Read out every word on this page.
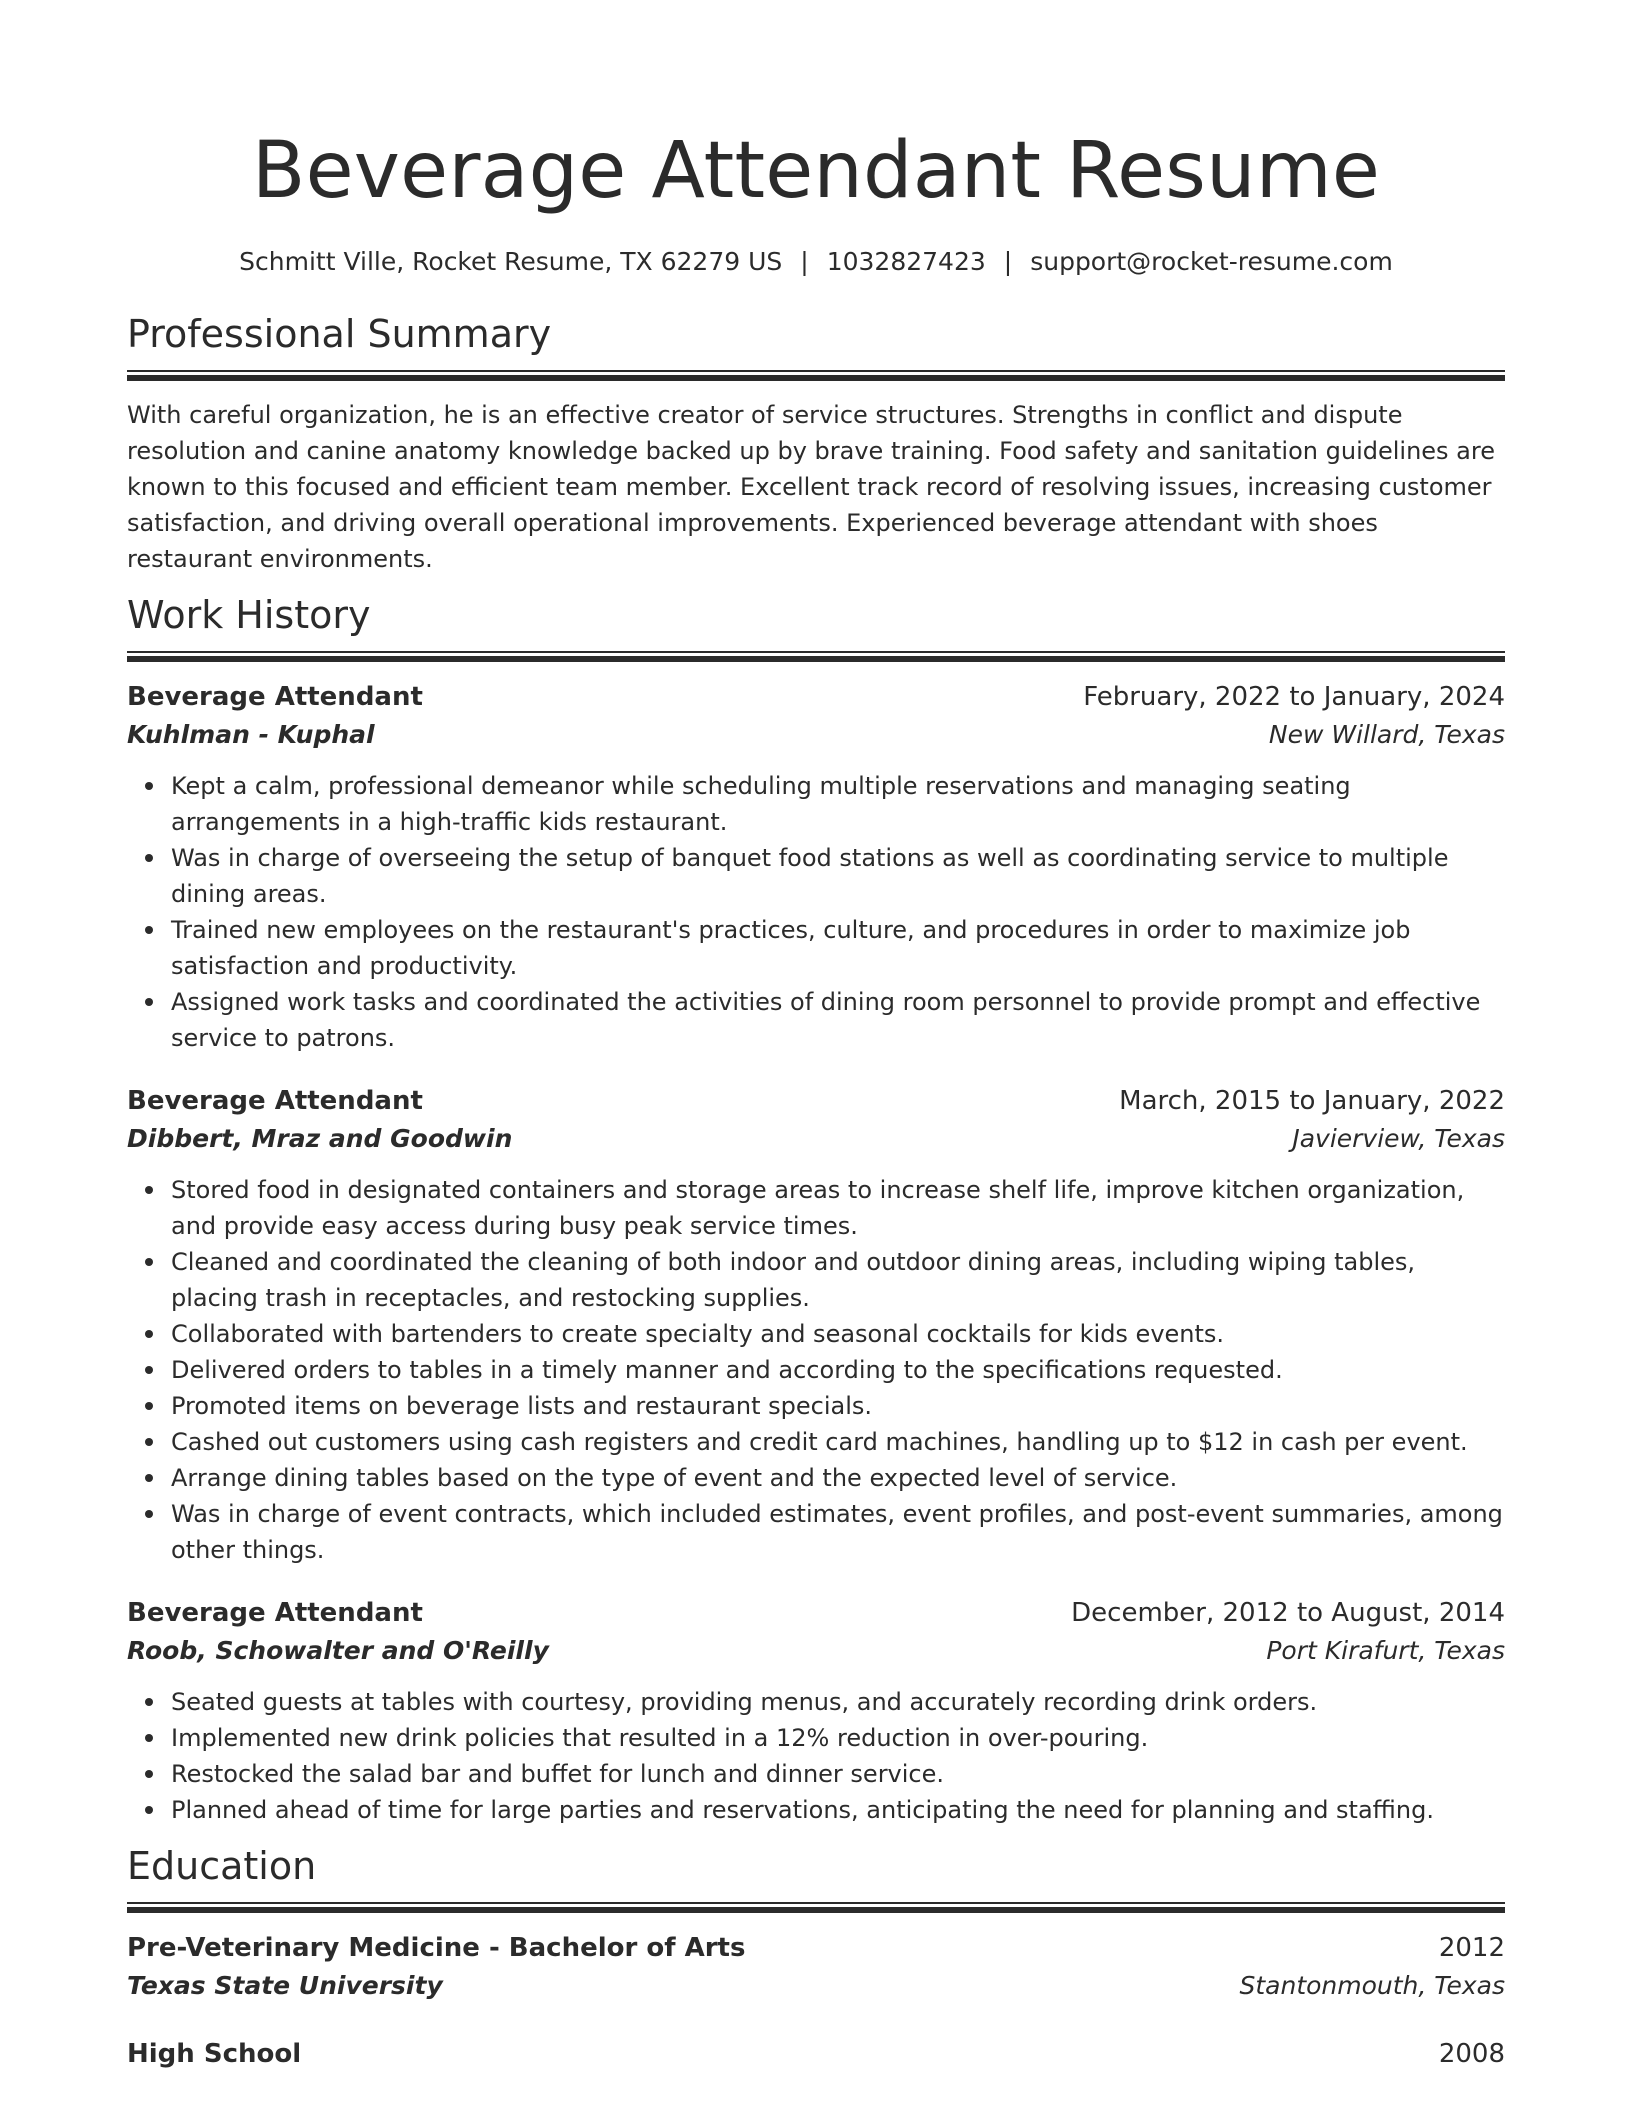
Beverage Attendant Resume
Schmitt Ville, Rocket Resume, TX 62279 US | 1032827423 | support@rocket-resume.com
Professional Summary

With careful organization, he is an effective creator of service structures. Strengths in conflict and dispute resolution and canine anatomy knowledge backed up by brave training. Food safety and sanitation guidelines are known to this focused and efficient team member. Excellent track record of resolving issues, increasing customer satisfaction, and driving overall operational improvements. Experienced beverage attendant with shoes restaurant environments.

Work History
Beverage Attendant	February, 2022 to January, 2024
Kuhlman - Kuphal	New Willard, Texas
Kept a calm, professional demeanor while scheduling multiple reservations and managing seating arrangements in a high-traffic kids restaurant.
Was in charge of overseeing the setup of banquet food stations as well as coordinating service to multiple dining areas.
Trained new employees on the restaurant's practices, culture, and procedures in order to maximize job satisfaction and productivity.
Assigned work tasks and coordinated the activities of dining room personnel to provide prompt and effective service to patrons.
Beverage Attendant	March, 2015 to January, 2022
Dibbert, Mraz and Goodwin	Javierview, Texas
Stored food in designated containers and storage areas to increase shelf life, improve kitchen organization, and provide easy access during busy peak service times.
Cleaned and coordinated the cleaning of both indoor and outdoor dining areas, including wiping tables, placing trash in receptacles, and restocking supplies.
Collaborated with bartenders to create specialty and seasonal cocktails for kids events.
Delivered orders to tables in a timely manner and according to the specifications requested.
Promoted items on beverage lists and restaurant specials.
Cashed out customers using cash registers and credit card machines, handling up to $12 in cash per event.
Arrange dining tables based on the type of event and the expected level of service.
Was in charge of event contracts, which included estimates, event profiles, and post-event summaries, among other things.
Beverage Attendant	December, 2012 to August, 2014
Roob, Schowalter and O'Reilly	Port Kirafurt, Texas
Seated guests at tables with courtesy, providing menus, and accurately recording drink orders.
Implemented new drink policies that resulted in a 12% reduction in over-pouring.
Restocked the salad bar and buffet for lunch and dinner service.
Planned ahead of time for large parties and reservations, anticipating the need for planning and staffing.
Education
Pre-Veterinary Medicine - Bachelor of Arts	2012
Texas State University	Stantonmouth, Texas
High School	2008
